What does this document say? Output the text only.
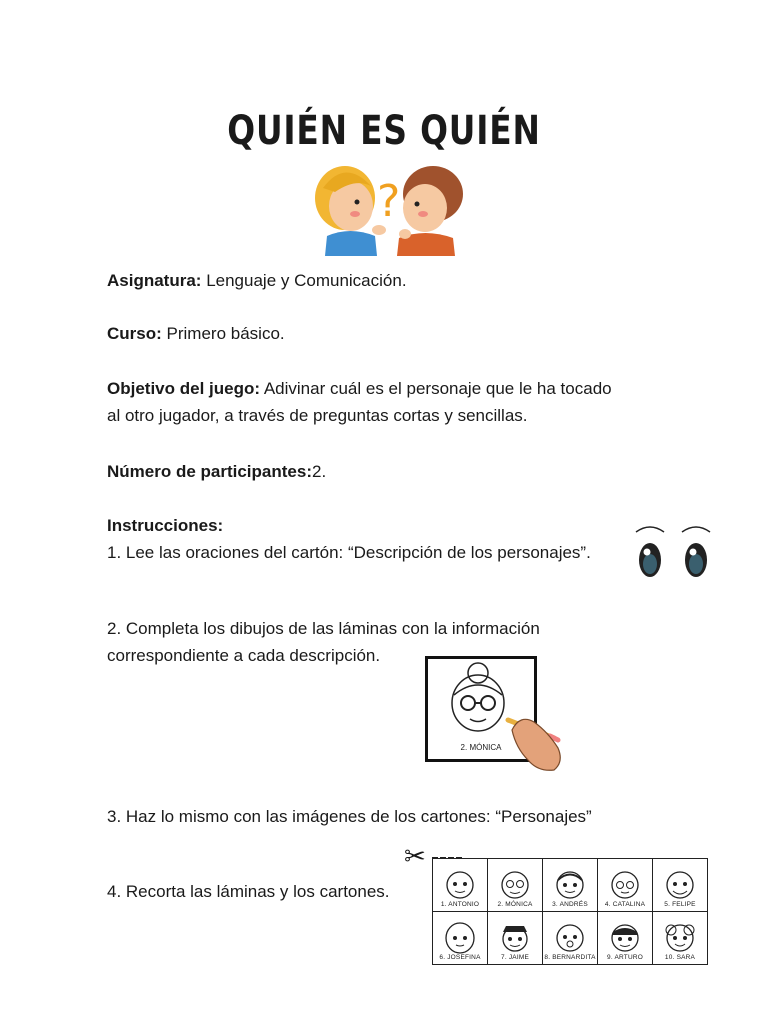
QUIÉN ES QUIÉN
?
Asignatura: Lenguaje y Comunicación.
Curso: Primero básico.
Objetivo del juego: Adivinar cuál es el personaje que le ha tocado
al otro jugador, a través de preguntas cortas y sencillas.
Número de participantes:2.
Instrucciones:
1. Lee las oraciones del cartón: “Descripción de los personajes”.
2. Completa los dibujos de las láminas con la información
correspondiente a cada descripción.
2. MÓNICA
3. Haz lo mismo con las imágenes de los cartones: “Personajes”
✂
4. Recorta las láminas y los cartones.
1. ANTONIO	2. MÓNICA	3. ANDRÉS	4. CATALINA	5. FELIPE

6. JOSEFINA	7. JAIME	8. BERNARDITA	9. ARTURO	10. SARA
